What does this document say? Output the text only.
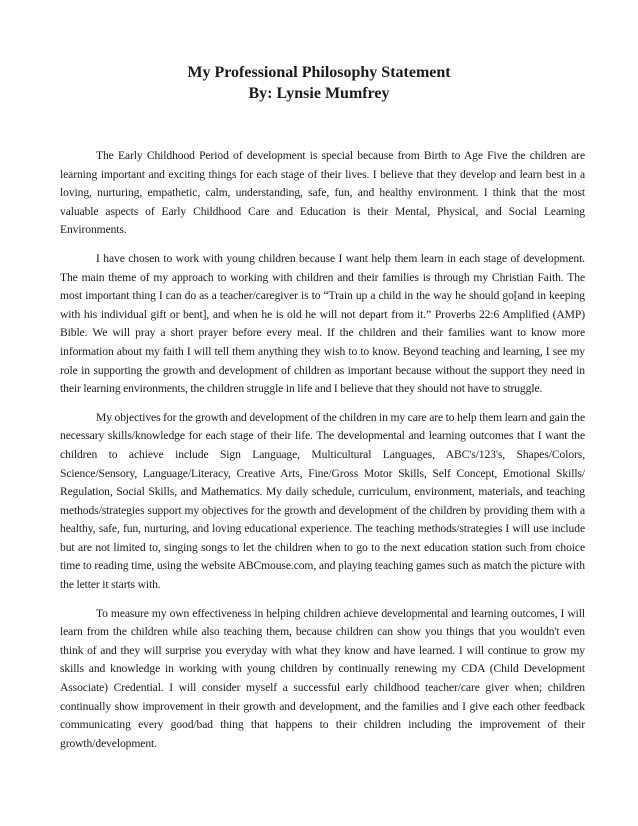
My Professional Philosophy Statement
By: Lynsie Mumfrey

The Early Childhood Period of development is special because from Birth to Age Five the children are learning important and exciting things for each stage of their lives. I believe that they develop and learn best in a loving, nurturing, empathetic, calm, understanding, safe, fun, and healthy environment. I think that the most valuable aspects of Early Childhood Care and Education is their Mental, Physical, and Social Learning Environments.

I have chosen to work with young children because I want help them learn in each stage of development. The main theme of my approach to working with children and their families is through my Christian Faith. The most important thing I can do as a teacher/caregiver is to “Train up a child in the way he should go[and in keeping with his individual gift or bent], and when he is old he will not depart from it.” Proverbs 22:6 Amplified (AMP) Bible. We will pray a short prayer before every meal. If the children and their families want to know more information about my faith I will tell them anything they wish to to know. Beyond teaching and learning, I see my role in supporting the growth and development of children as important because without the support they need in their learning environments, the children struggle in life and I believe that they should not have to struggle.

My objectives for the growth and development of the children in my care are to help them learn and gain the necessary skills/knowledge for each stage of their life. The developmental and learning outcomes that I want the children to achieve include Sign Language, Multicultural Languages, ABC's/123's, Shapes/Colors, Science/Sensory, Language/Literacy, Creative Arts, Fine/Gross Motor Skills, Self Concept, Emotional Skills/ Regulation, Social Skills, and Mathematics. My daily schedule, curriculum, environment, materials, and teaching methods/strategies support my objectives for the growth and development of the children by providing them with a healthy, safe, fun, nurturing, and loving educational experience. The teaching methods/strategies I will use include but are not limited to, singing songs to let the children when to go to the next education station such from choice time to reading time, using the website ABCmouse.com, and playing teaching games such as match the picture with the letter it starts with.

To measure my own effectiveness in helping children achieve developmental and learning outcomes, I will learn from the children while also teaching them, because children can show you things that you wouldn't even think of and they will surprise you everyday with what they know and have learned. I will continue to grow my skills and knowledge in working with young children by continually renewing my CDA (Child Development Associate) Credential. I will consider myself a successful early childhood teacher/care giver when; children continually show improvement in their growth and development, and the families and I give each other feedback communicating every good/bad thing that happens to their children including the improvement of their growth/development.
